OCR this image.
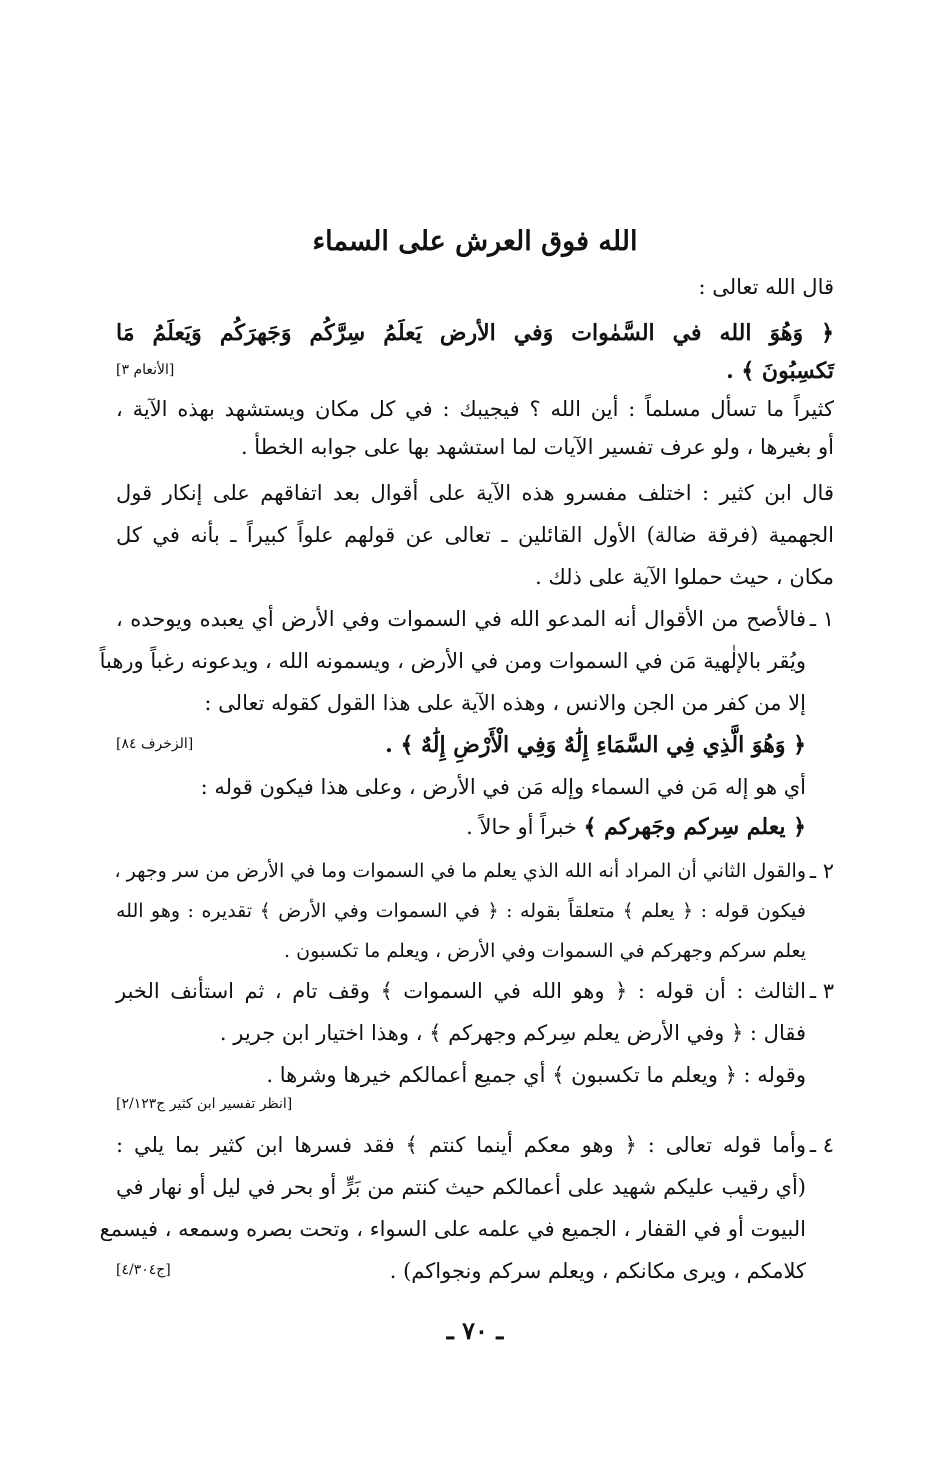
الله فوق العرش على السماء
قال الله تعالى :
﴿ وَهُوَ الله في السَّمٰوات وَفي الأرض يَعلَمُ سِرَّكُم وَجَهرَكُم وَيَعلَمُ مَا
تَكسِبُونَ ﴾ .
[الأنعام ٣]
كثيراً ما تسأل مسلماً : أين الله ؟ فيجيبك : في كل مكان ويستشهد بهذه الآية ،
أو بغيرها ، ولو عرف تفسير الآيات لما استشهد بها على جوابه الخطأ .
قال ابن كثير : اختلف مفسرو هذه الآية على أقوال بعد اتفاقهم على إنكار قول
الجهمية (فرقة ضالة) الأول القائلين ـ تعالى عن قولهم علواً كبيراً ـ بأنه في كل
مكان ، حيث حملوا الآية على ذلك .
١ ـ
فالأصح من الأقوال أنه المدعو الله في السموات وفي الأرض أي يعبده ويوحده ،
ويُقر بالإلٰهية مَن في السموات ومن في الأرض ، ويسمونه الله ، ويدعونه رغباً ورهباً
إلا من كفر من الجن والانس ، وهذه الآية على هذا القول كقوله تعالى :
﴿ وَهُوَ الَّذِي فِي السَّمَاءِ إِلَٰهٌ وَفِي الْأَرْضِ إِلَٰهٌ ﴾ .
[الزخرف ٨٤]
أي هو إله مَن في السماء وإله مَن في الأرض ، وعلى هذا فيكون قوله :
﴿ يعلم سِركم وجَهركم ﴾ خبراً أو حالاً .
٢ ـ
والقول الثاني أن المراد أنه الله الذي يعلم ما في السموات وما في الأرض من سر وجهر ،
فيكون قوله : ﴿ يعلم ﴾ متعلقاً بقوله : ﴿ في السموات وفي الأرض ﴾ تقديره : وهو الله
يعلم سركم وجهركم في السموات وفي الأرض ، ويعلم ما تكسبون .
٣ ـ
الثالث : أن قوله : ﴿ وهو الله في السموات ﴾ وقف تام ، ثم استأنف الخبر
فقال : ﴿ وفي الأرض يعلم سِركم وجهركم ﴾ ، وهذا اختيار ابن جرير .
وقوله : ﴿ ويعلم ما تكسبون ﴾ أي جميع أعمالكم خيرها وشرها .
[انظر تفسير ابن كثير ج٢/١٢٣]
٤ ـ
وأما قوله تعالى : ﴿ وهو معكم أينما كنتم ﴾ فقد فسرها ابن كثير بما يلي :
(أي رقيب عليكم شهيد على أعمالكم حيث كنتم من بَرٍّ أو بحر في ليل أو نهار في
البيوت أو في القفار ، الجميع في علمه على السواء ، وتحت بصره وسمعه ، فيسمع
كلامكم ، ويرى مكانكم ، ويعلم سركم ونجواكم) .
[ج٤/٣٠٤]
ـ ٧٠ ـ
